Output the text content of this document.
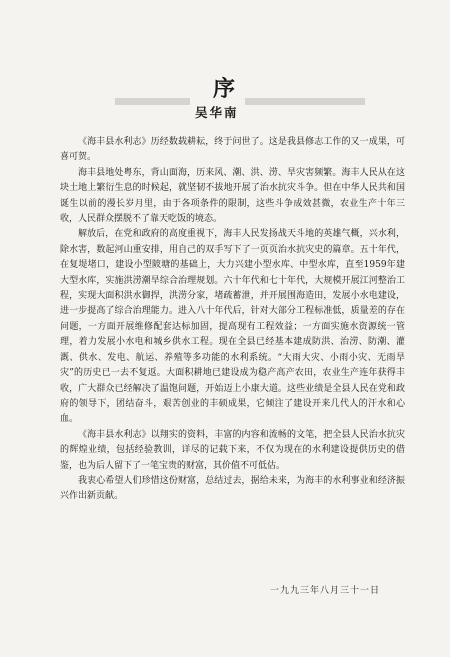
序
吴华南

《海丰县水利志》历经数载耕耘，终于问世了。这是我县修志工作的又一成果，可喜可贺。

海丰县地处粤东，背山面海，历来风、潮、洪、涝、旱灾害频繁。海丰人民从在这块土地上繁衍生息的时候起，就坚韧不拔地开展了治水抗灾斗争。但在中华人民共和国诞生以前的漫长岁月里，由于各项条件的限制，这些斗争成效甚微，农业生产十年三收，人民群众摆脱不了靠天吃饭的境态。

解放后，在党和政府的高度重视下，海丰人民发扬战天斗地的英雄气概，兴水利，除水害，数起河山重安排，用自己的双手写下了一页页治水抗灾史的篇章。五十年代，在复堤堵口，建设小型陂塘的基础上，大力兴建小型水库、中型水库，直至1959年建大型水库，实施洪涝潮旱综合治理规划。六十年代和七十年代，大规模开展江河整治工程，实现大面积洪水御捍，洪涝分家，堵疏蓄泄，并开展围海造田，发展小水电建设，进一步提高了综合治理能力。进入八十年代后，针对大部分工程标准低，质量差的存在问题，一方面开展维修配套达标加固，提高现有工程效益；一方面实施水资源统一管理，着力发展小水电和城乡供水工程。现在全县已经基本建成防洪、治涝、防潮、灌溉、供水、发电、航运、养殖等多功能的水利系统。“大雨大灾、小雨小灾、无雨旱灾”的历史已一去不复返。大面积耕地已建设成为稳产高产农田，农业生产连年获得丰收，广大群众已经解决了温饱问题，开始迈上小康大道。这些业绩是全县人民在党和政府的领导下，团结奋斗，艰苦创业的丰硕成果，它倾注了建设开来几代人的汗水和心血。

《海丰县水利志》以翔实的资料，丰富的内容和流畅的文笔，把全县人民治水抗灾的辉煌业绩，包括经验教训，详尽的记载下来，不仅为现在的水利建设提供历史的借鉴，也为后人留下了一笔宝贵的财富，其价值不可低估。

我衷心希望人们珍惜这份财富，总结过去，据给未来，为海丰的水利事业和经济振兴作出新贡献。

一九九三年八月三十一日
